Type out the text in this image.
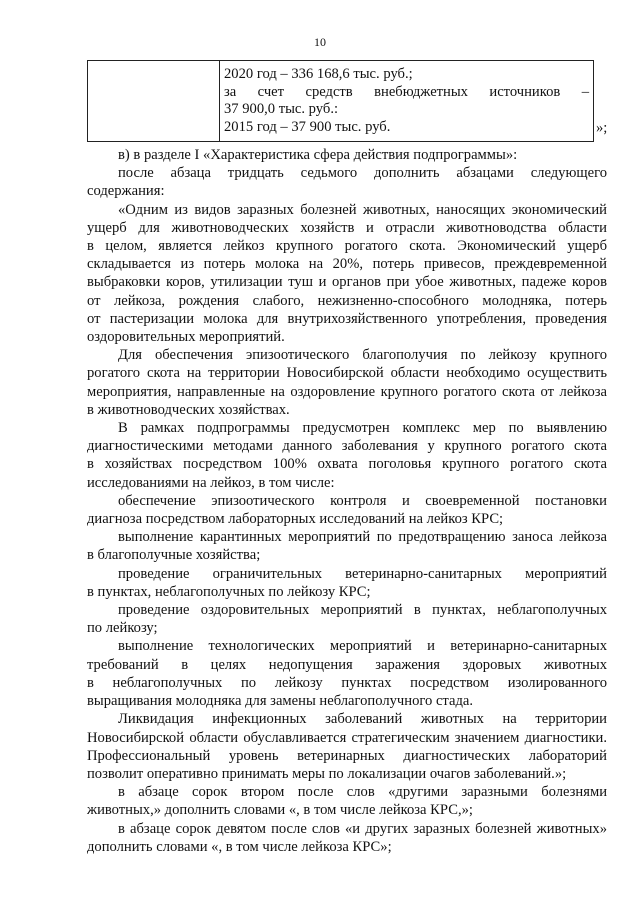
10

2020 год – 336 168,6 тыс. руб.;
за счет средств внебюджетных источников –
37 900,0 тыс. руб.:
2015 год – 37 900 тыс. руб.	»;
в) в разделе I «Характеристика сфера действия подпрограммы»:
после абзаца тридцать седьмого дополнить абзацами следующего
содержания:
«Одним из видов заразных болезней животных, наносящих экономический
ущерб для животноводческих хозяйств и отрасли животноводства области
в целом, является лейкоз крупного рогатого скота. Экономический ущерб
складывается из потерь молока на 20%, потерь привесов, преждевременной
выбраковки коров, утилизации туш и органов при убое животных, падеже коров
от лейкоза, рождения слабого, нежизненно-способного молодняка, потерь
от пастеризации молока для внутрихозяйственного употребления, проведения
оздоровительных мероприятий.
Для обеспечения эпизоотического благополучия по лейкозу крупного
рогатого скота на территории Новосибирской области необходимо осуществить
мероприятия, направленные на оздоровление крупного рогатого скота от лейкоза
в животноводческих хозяйствах.
В рамках подпрограммы предусмотрен комплекс мер по выявлению
диагностическими методами данного заболевания у крупного рогатого скота
в хозяйствах посредством 100% охвата поголовья крупного рогатого скота
исследованиями на лейкоз, в том числе:
обеспечение эпизоотического контроля и своевременной постановки
диагноза посредством лабораторных исследований на лейкоз КРС;
выполнение карантинных мероприятий по предотвращению заноса лейкоза
в благополучные хозяйства;
проведение ограничительных ветеринарно-санитарных мероприятий
в пунктах, неблагополучных по лейкозу КРС;
проведение оздоровительных мероприятий в пунктах, неблагополучных
по лейкозу;
выполнение технологических мероприятий и ветеринарно-санитарных
требований в целях недопущения заражения здоровых животных
в неблагополучных по лейкозу пунктах посредством изолированного
выращивания молодняка для замены неблагополучного стада.
Ликвидация инфекционных заболеваний животных на территории
Новосибирской области обуславливается стратегическим значением диагностики.
Профессиональный уровень ветеринарных диагностических лабораторий
позволит оперативно принимать меры по локализации очагов заболеваний.»;
в абзаце сорок втором после слов «другими заразными болезнями
животных,» дополнить словами «, в том числе лейкоза КРС,»;
в абзаце сорок девятом после слов «и других заразных болезней животных»
дополнить словами «, в том числе лейкоза КРС»;
